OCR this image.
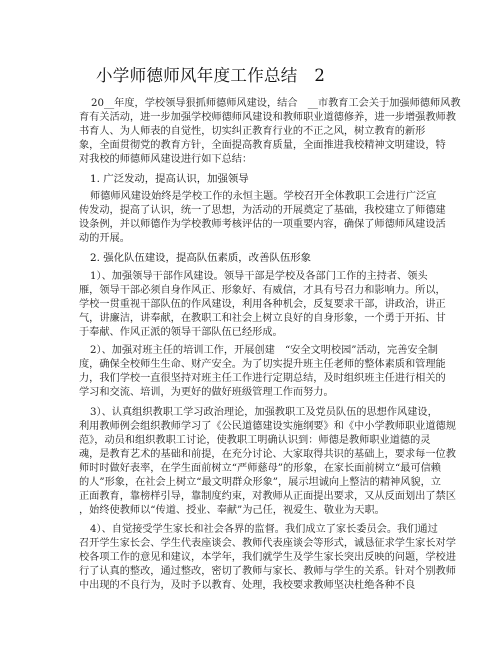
小学师德师风年度工作总结　2
20__年度，学校领导狠抓师德师风建设，结合　__市教育工会关于加强师德师风教
育有关活动，进一步加强学校师德师风建设和教师职业道德修养，进一步增强教师教
书育人、为人师表的自觉性，切实纠正教育行业的不正之风，树立教育的新形
象，全面贯彻党的教育方针，全面提高教育质量，全面推进我校精神文明建设，特
对我校的师德师风建设进行如下总结：
1. 广泛发动，提高认识，加强领导
师德师风建设始终是学校工作的永恒主题。学校召开全体教职工会进行广泛宣
传发动，提高了认识，统一了思想，为活动的开展奠定了基础，我校建立了师德建
设条例，并以师德作为学校教师考核评估的一项重要内容，确保了师德师风建设活
动的开展。
2. 强化队伍建设，提高队伍素质，改善队伍形象
1）、加强领导干部作风建设。领导干部是学校及各部门工作的主持者、领头
雁，领导干部必须自身作风正、形象好、有威信，才具有号召力和影响力。所以，
学校一贯重视干部队伍的作风建设，利用各种机会，反复要求干部，讲政治，讲正
气，讲廉洁，讲奉献，在教职工和社会上树立良好的自身形象，一个勇于开拓、甘
于奉献、作风正派的领导干部队伍已经形成。
2）、加强对班主任的培训工作，开展创建　“安全文明校园”活动，完善安全制
度，确保全校师生生命、财产安全。为了切实提升班主任老师的整体素质和管理能
力，我们学校一直很坚持对班主任工作进行定期总结，及时组织班主任进行相关的
学习和交流、培训，为更好的做好班级管理工作而努力。
3）、认真组织教职工学习政治理论，加强教职工及党员队伍的思想作风建设，
利用教师例会组织教师学习了《公民道德建设实施纲要》和《中小学教师职业道德规
范》，动员和组织教职工讨论，使教职工明确认识到：师德是教师职业道德的灵
魂，是教育艺术的基础和前提，在充分讨论、大家取得共识的基础上，要求每一位教
师时时做好表率，在学生面前树立“严师慈母”的形象，在家长面前树立“最可信赖
的人”形象，在社会上树立“最文明群众形象”，展示坦诚向上整洁的精神风貌，立
正面教育，靠榜样引导，靠制度约束，对教师从正面提出要求，又从反面划出了禁区
，始终使教师以“传道、授业、奉献”为己任，视爱生、敬业为天职。
4）、自觉接受学生家长和社会各界的监督。我们成立了家长委员会。我们通过
召开学生家长会、学生代表座谈会、教师代表座谈会等形式，诚恳征求学生家长对学
校各项工作的意见和建议，本学年，我们就学生及学生家长突出反映的问题，学校进
行了认真的整改，通过整改，密切了教师与家长、教师与学生的关系。针对个别教师
中出现的不良行为，及时予以教育、处理，我校要求教师坚决杜绝各种不良
